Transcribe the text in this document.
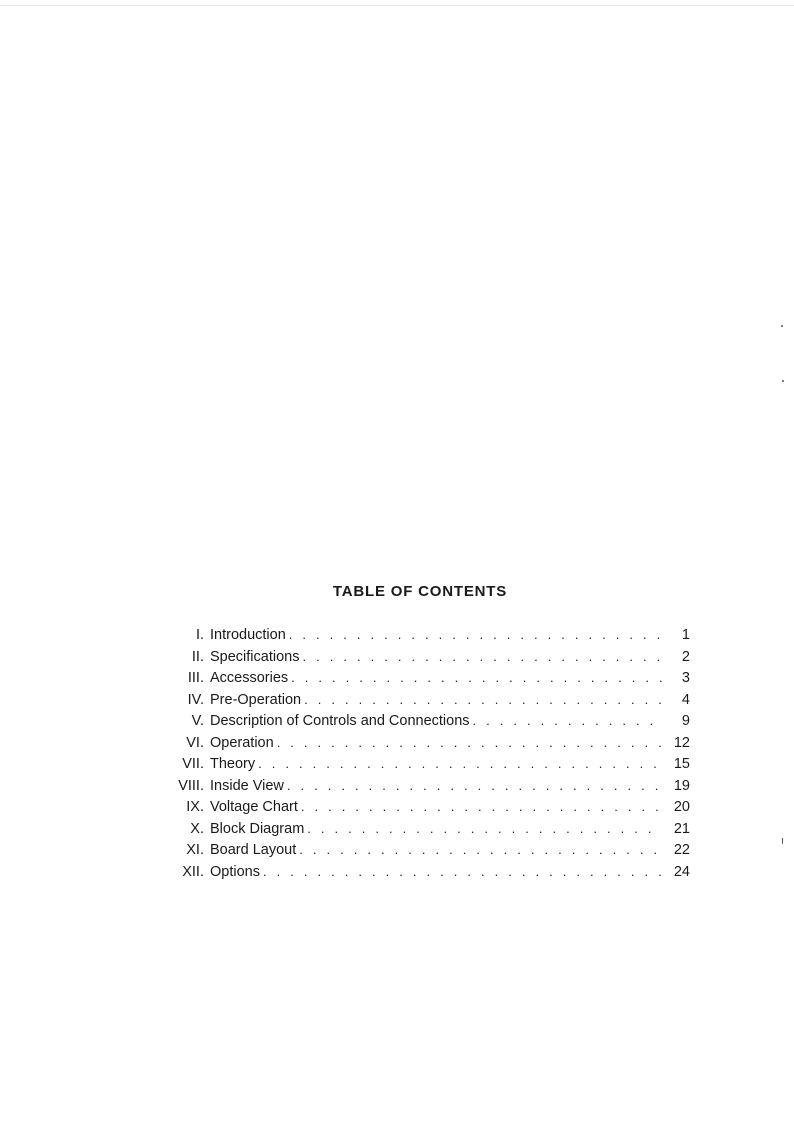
TABLE OF CONTENTS
I. Introduction . . .	1
II. Specifications . . .	2
III. Accessories . . .	3
IV. Pre-Operation . . .	4
V. Description of Controls and Connections . . .	9
VI. Operation . . .	12
VII. Theory . . .	15
VIII. Inside View . . .	19
IX. Voltage Chart . . .	20
X. Block Diagram . . .	21
XI. Board Layout . . .	22
XII. Options . . .	24
